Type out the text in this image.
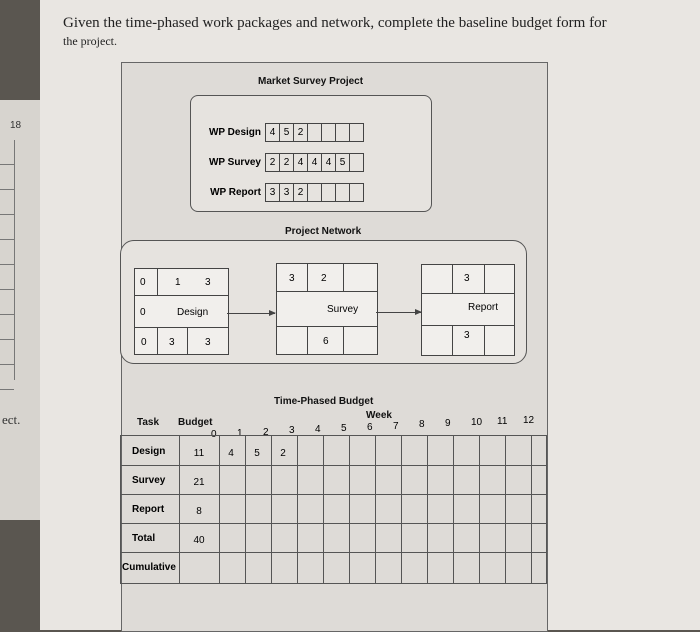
18
ect.
Given the time-phased work packages and network, complete the baseline budget form for
the project.
Market Survey Project
WP Design 4 5 2
WP Survey 2 2 4 4 4 5
WP Report 3 3 2
Project Network
0	1 3
0	Design
0 3	3
3	2
Survey
6
3
Report
3
Time-Phased Budget
Week
Task Budget
0 1 2 3 4 5 6 7 8 9 10 11 12
Design	11	4	5	2
Survey	21
Report	8
Total	40
Cumulative
